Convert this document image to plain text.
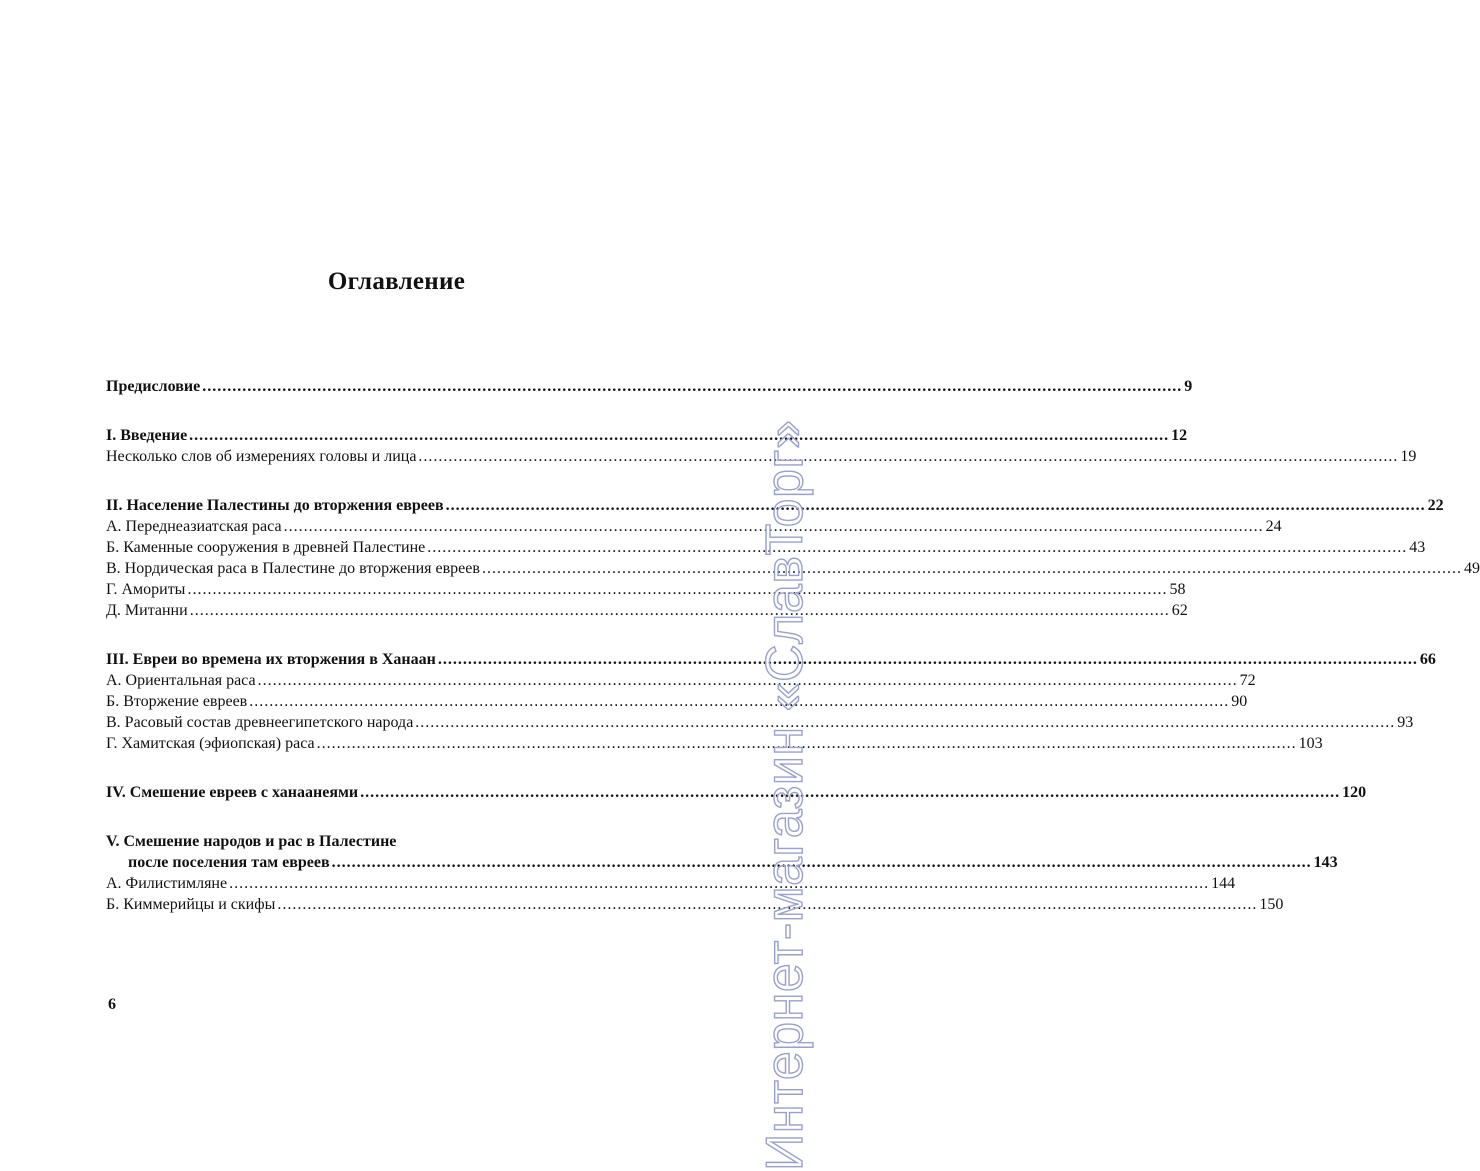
Оглавление
Предисловие .....	9
I. Введение .....	12
Несколько слов об измерениях головы и лица .....	19
II. Население Палестины до вторжения евреев .....	22
А. Переднеазиатская раса .....	24
Б. Каменные сооружения в древней Палестине .....	43
В. Нордическая раса в Палестине до вторжения евреев .....	49
Г. Амориты .....	58
Д. Митанни .....	62
III. Евреи во времена их вторжения в Ханаан .....	66
А. Ориентальная раса .....	72
Б. Вторжение евреев .....	90
В. Расовый состав древнеегипетского народа .....	93
Г. Хамитская (эфиопская) раса .....	103
IV. Смешение евреев с ханаанеями .....	120
V. Смешение народов и рас в Палестине
после поселения там евреев .....	143
А. Филистимляне .....	144
Б. Киммерийцы и скифы .....	150
6	Интернет-магазин «СлавТорг»
